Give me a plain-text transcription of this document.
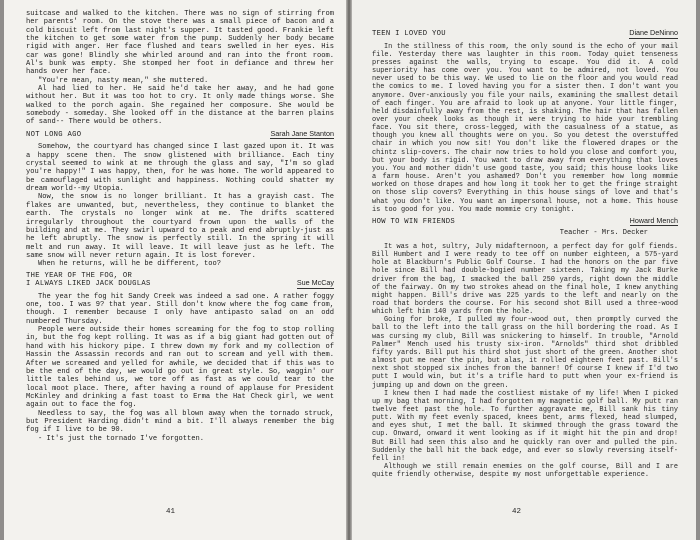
suitcase and walked to the kitchen. There was no sign of stirring from her parents' room. On the stove there was a small piece of bacon and a cold biscuit left from last night's supper. It tasted good. Frankie left the kitchen to get some water from the pump. Suddenly her body became rigid with anger. Her face flushed and tears swelled in her eyes. His car was gone! Blindly she whirled around and ran into the front room. Al's bunk was empty. She stomped her foot in defiance and threw her hands over her face.

"You're mean, nasty mean," she muttered.

Al had lied to her. He said he'd take her away, and he had gone without her. But it was too hot to cry. It only made things worse. She walked to the porch again. She regained her composure. She would be somebody - someday. She looked off in the distance at the barren plains of sand-- There would be others.

NOT LONG AGO	Sarah Jane Stanton

Somehow, the courtyard has changed since I last gazed upon it. It was a happy scene then. The snow glistened with brilliance. Each tiny crystal seemed to wink at me through the glass and say, "I'm so glad you're happy!" I was happy, then, for he was home. The world appeared to be camouflaged with sunlight and happiness. Nothing could shatter my dream world--my Utopia.

Now, the snow is no longer brilliant. It has a grayish cast. The flakes are unwanted, but, nevertheless, they continue to blanket the earth. The crystals no longer wink at me. The drifts scattered irregularly throughout the courtyard frown upon the walls of the building and at me. They swirl upward to a peak and end abruptly-just as he left abruptly. The snow is perfectly still. In the spring it will melt and run away. It will leave. It will leave just as he left. The same snow will never return again. It is lost forever.

When he returns, will he be different, too?

THE YEAR OF THE FOG, OR
I ALWAYS LIKED JACK DOUGLAS	Sue McCay

The year the fog hit Sandy Creek was indeed a sad one. A rather foggy one, too. I was 9? that year. Still don't know where the fog came from, though. I remember because I only have antipasto salad on an odd numbered Thursday.

People were outside their homes screaming for the fog to stop rolling in, but the fog kept rolling. It was as if a big giant had gotten out of hand with his hickory pipe. I threw down my fork and my collection of Hassin the Assassin records and ran out to scream and yell with them. After we screamed and yelled for awhile, we decided that if this was to be the end of the day, we would go out in great style. So, waggin' our little tales behind us, we tore off as fast as we could tear to the local moot place. There, after having a round of applause for President McKinley and drinking a fast toast to Erma the Hat Check girl, we went again out to face the fog.

Needless to say, the fog was all blown away when the tornado struck, but President Harding didn't mind a bit. I'll always remember the big fog if I live to be 90.

- It's just the tornado I've forgotten.

41
TEEN I LOVED YOU	Diane DeNinno

In the stillness of this room, the only sound is the echo of your mail file. Yesterday there was laughter in this room. Today quiet tenseness presses against the walls, trying to escape. You did it. A cold superiority has come over you. You want to be admired, not loved. You never used to be this way. We used to lie on the floor and you would read the comics to me. I loved having you for a sister then. I don't want you anymore. Over-anxiously you file your nails, examining the smallest detail of each finger. You are afraid to look up at anyone. Your little finger, held disdainfully away from the rest, is shaking. The hair that has fallen over your cheek looks as though it were trying to hide your trembling face. You sit there, cross-legged, with the casualness of a statue, as though you knew all thoughts were on you. So you detest the overstuffed chair in which you now sit! You don't like the flowered drapes or the chintz slip-covers. The chair now tries to hold you close and comfort you, but your body is rigid. You want to draw away from everything that loves you. You and mother didn't use good taste, you said; this house looks like a farm house. Aren't you ashamed? Don't you remember how long mommie worked on those drapes and how long it took her to get the fringe straight on those slip covers? Everything in this house sings of love and that's what you don't like. You want an impersonal house, not a home. This house is too good for you. You made mommie cry tonight.

HOW TO WIN FRIENDS	Howard Mench
Teacher - Mrs. Decker

It was a hot, sultry, July midafternoon, a perfect day for golf fiends. Bill Humbert and I were ready to tee off on number eighteen, a 575-yard hole at Blackburn's Public Golf Course. I had the honors on the par five hole since Bill had double-bogied number sixteen. Taking my Jack Burke driver from the bag, I smacked the ball 250 yards, right down the middle of the fairway. On my two strokes ahead on the final hole, I knew anything might happen. Bill's drive was 225 yards to the left and nearly on the road that borders the course. For his second shot Bill used a three-wood which left him 140 yards from the hole.

Going for broke, I pulled my four-wood out, then promptly curved the ball to the left into the tall grass on the hill bordering the road. As I was cursing my club, Bill was snickering to himself. In trouble, "Arnold Palmer" Mench used his trusty six-iron. "Arnolds" third shot dribbled fifty yards. Bill put his third shot just short of the green. Another shot almost put me near the pin, but alas, it rolled eighteen feet past. Bill's next shot stopped six inches from the banner! Of course I knew if I'd two putt I would win, but it's a trifle hard to putt when your ex-friend is jumping up and down on the green.

I knew then I had made the costliest mistake of my life! When I picked up my bag that morning, I had forgotten my magnetic golf ball. My putt ran twelve feet past the hole. To further aggravate me, Bill sank his tiny putt. With my feet evenly spaced, knees bent, arms flexed, head slumped, and eyes shut, I met the ball. It skimmed through the grass toward the cup. Onward, onward it went looking as if it might hit the pin and drop! But Bill had seen this also and he quickly ran over and pulled the pin. Suddenly the ball hit the back edge, and ever so slowly reversing itself-fell in!

Although we still remain enemies on the golf course, Bill and I are quite friendly otherwise, despite my most unforgettable experience.

42
